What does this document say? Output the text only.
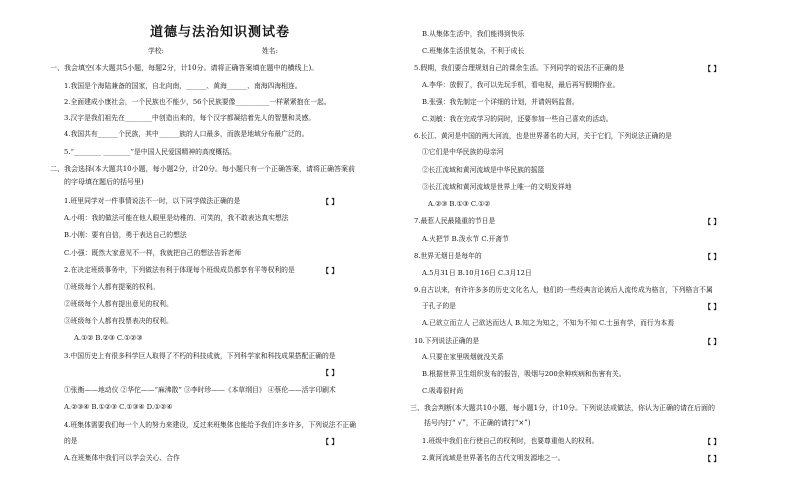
道德与法治知识测试卷
学校:	姓名:
一、我会填空(本大题共5小题，每题2分，计10分。请将正确答案填在题中的横线上)。
1.我国是个海陆兼备的国家，自北向南，______、黄海______、南海四海相连。
2.全面建成小康社会，一个民族也不能少，56个民族要像__________一样紧紧抱在一起。
3.汉字是我们祖先在________中创造出来的，每个汉字都凝结着先人的智慧和灵感。
4.我国共有______个民族，其中______族的人口最多，而族是地域分布最广泛的。
5.“________ ________”是中国人民爱国精神的高度概括。
二、我会选择(本大题共10小题，每小题2分，计20分。每小题只有一个正确答案，请将正确答案前
的字母填在题后的括号里)
1.班里同学对一件事情说法不一时，以下同学做法正确的是	【 】
A.小明：我的做法可能在他人眼里是幼稚的、可笑的，我不敢表达真实想法
B.小刚：要有自信，勇于表达自己的想法
C.小强：既然大家意见不一样，我就把自己的想法告诉老师
2.在决定班级事务中，下列做法有利于体现每个班级成员都享有平等权利的是	【 】
①班级每个人都有提案的权利。
②班级每个人都有提出意见的权利。
③班级每个人都有投票表决的权利。
A.①② B.②③ C.①②③
3.中国历史上有很多科学巨人取得了不朽的科技成就，下列科学家和科技成果搭配正确的是
【 】
①张衡——地动仪 ②华佗——“麻沸散” ③李时珍——《本草纲目》 ④蔡伦——活字印刷术
A.②③④ B.①②③ C.①③④ D.①②④
4.班集体需要我们每一个人的努力来建设，反过来班集体也能给予我们许多许多，下列说法不正确
的是	【 】
A.在班集体中我们可以学会关心、合作
B.从集体生活中，我们能得到快乐
C.班集体生活很复杂，不利于成长
5.假期，我们要合理规划自己的课余生活。下列同学的说法不正确的是	【 】
A.李华：放假了，我可以先玩手机，看电视，最后再写假期作业。
B.张强：我先制定一个详细的计划，并请妈妈监督。
C.刘敏：我在完成学习的同时，还要参加一些自己喜欢的活动。
6.长江、黄河是中国的两大河流，也是世界著名的大河，关于它们，下列说法正确的是
①它们是中华民族的母亲河
②长江流域和黄河流域是中华民族的摇篮
③长江流域和黄河流域是世界上唯一的文明发祥地
A.②③ B.①③ C.①②
7.最惹人民最隆重的节日是	【 】
A.火把节 B.泼水节 C.开斋节
8.世界无烟日是每年的	【 】
A.5月31日 B.10月16日 C.3月12日
9.自古以来，有许许多多的历史文化名人，他们的一些经典言论被后人流传成为格言，下列格言不属
于孔子的是	【 】
A.已欲立而立人 己欲达而达人 B.知之为知之，不知为不知 C.士虽有学，而行为本焉
10.下列说法正确的是	【 】
A.只要在家里吸烟就没关系
B.根据世界卫生组织发布的报告，吸烟与200余种疾病和伤害有关。
C.吸毒很时尚
三、我会判断(本大题共10小题，每小题1分，计10分。下列说法或做法，你认为正确的请在后面的
括号内打“ √”，不正确的请打“×”)
1.班级中我们在行使自己的权利时，也要尊重他人的权利。	【 】
2.黄河流域是世界著名的古代文明发源地之一。	【 】
